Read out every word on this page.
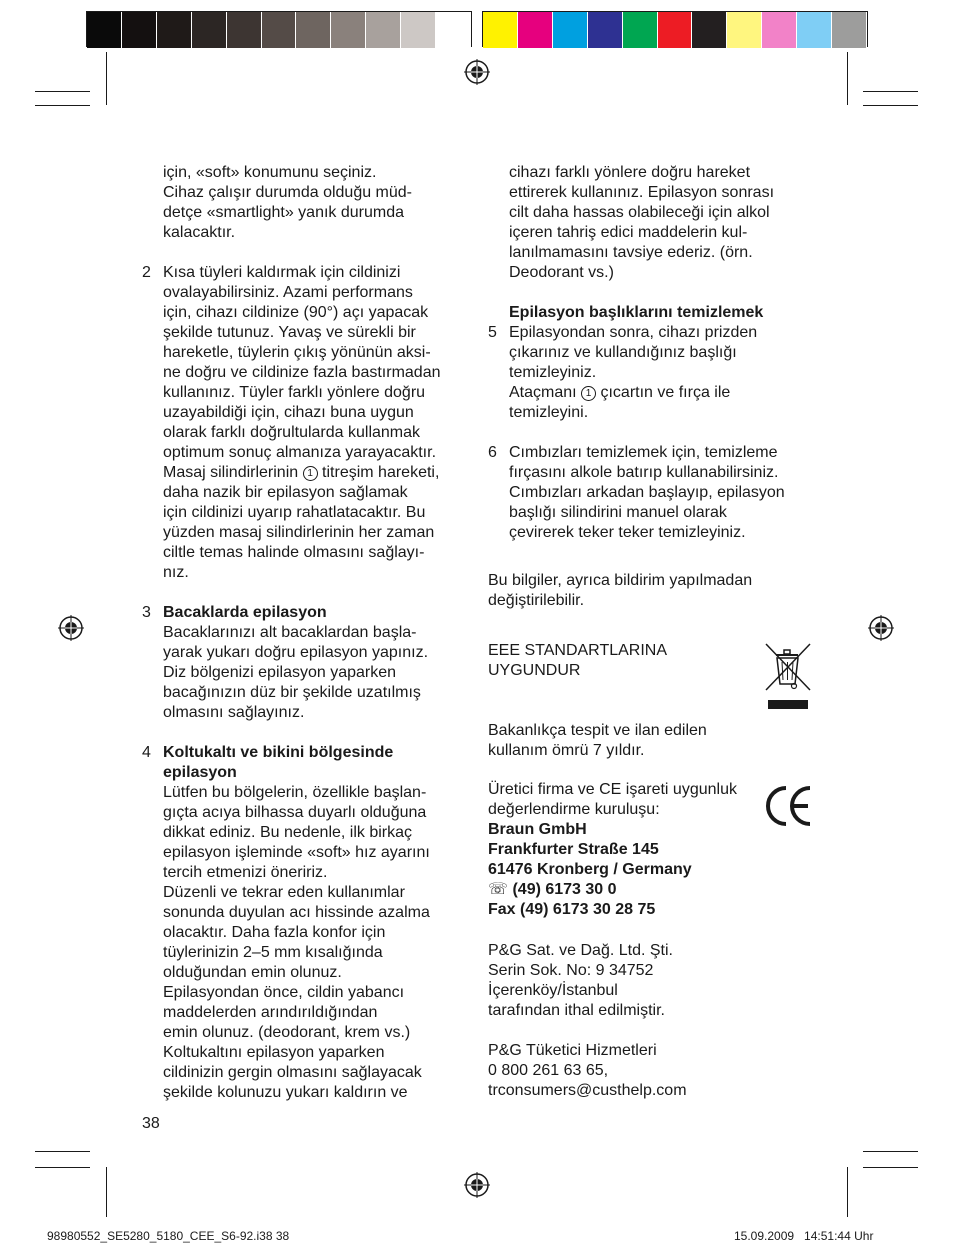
için, «soft» konumunu seçiniz.

Cihaz çalışır durumda olduğu müd-

detçe «smartlight» yanık durumda

kalacaktır.

2 Kısa tüyleri kaldırmak için cildinizi

ovalayabilirsiniz. Azami performans

için, cihazı cildinize (90°) açı yapacak

şekilde tutunuz. Yavaş ve sürekli bir

hareketle, tüylerin çıkış yönünün aksi-

ne doğru ve cildinize fazla bastırmadan

kullanınız. Tüyler farklı yönlere doğru

uzayabildiği için, cihazı buna uygun

olarak farklı doğrultularda kullanmak

optimum sonuç almanıza yarayacaktır.

Masaj silindirlerinin 1 titreşim hareketi,

daha nazik bir epilasyon sağlamak

için cildinizi uyarıp rahatlatacaktır. Bu

yüzden masaj silindirlerinin her zaman

ciltle temas halinde olmasını sağlayı-

nız.

3 Bacaklarda epilasyon

Bacaklarınızı alt bacaklardan başla-

yarak yukarı doğru epilasyon yapınız.

Diz bölgenizi epilasyon yaparken

bacağınızın düz bir şekilde uzatılmış

olmasını sağlayınız.

4 Koltukaltı ve bikini bölgesinde

epilasyon

Lütfen bu bölgelerin, özellikle başlan-

gıçta acıya bilhassa duyarlı olduğuna

dikkat ediniz. Bu nedenle, ilk birkaç

epilasyon işleminde «soft» hız ayarını

tercih etmenizi öneririz.

Düzenli ve tekrar eden kullanımlar

sonunda duyulan acı hissinde azalma

olacaktır. Daha fazla konfor için

tüylerinizin 2–5 mm kısalığında

olduğundan emin olunuz.

Epilasyondan önce, cildin yabancı

maddelerden arındırıldığından

emin olunuz. (deodorant, krem vs.)

Koltukaltını epilasyon yaparken

cildinizin gergin olmasını sağlayacak

şekilde kolunuzu yukarı kaldırın ve

cihazı farklı yönlere doğru hareket

ettirerek kullanınız. Epilasyon sonrası

cilt daha hassas olabileceği için alkol

içeren tahriş edici maddelerin kul-

lanılmamasını tavsiye ederiz. (örn.

Deodorant vs.)

Epilasyon başlıklarını temizlemek

5 Epilasyondan sonra, cihazı prizden

çıkarınız ve kullandığınız başlığı

temizleyiniz.

Ataçmanı 1 çıcartın ve fırça ile

temizleyini.

6 Cımbızları temizlemek için, temizleme

fırçasını alkole batırıp kullanabilirsiniz.

Cımbızları arkadan başlayıp, epilasyon

başlığı silindirini manuel olarak

çevirerek teker teker temizleyiniz.

Bu bilgiler, ayrıca bildirim yapılmadan

değiştirilebilir.

EEE STANDARTLARINA

UYGUNDUR

Bakanlıkça tespit ve ilan edilen

kullanım ömrü 7 yıldır.

Üretici firma ve CE işareti uygunluk

değerlendirme kuruluşu:

Braun GmbH

Frankfurter Straße 145

61476 Kronberg / Germany

☏ (49) 6173 30 0

Fax (49) 6173 30 28 75

P&G Sat. ve Dağ. Ltd. Şti.

Serin Sok. No: 9 34752

İçerenköy/İstanbul

tarafından ithal edilmiştir.

P&G Tüketici Hizmetleri

0 800 261 63 65,

trconsumers@custhelp.com

38
98980552_SE5280_5180_CEE_S6-92.i38 38	15.09.2009   14:51:44 Uhr
